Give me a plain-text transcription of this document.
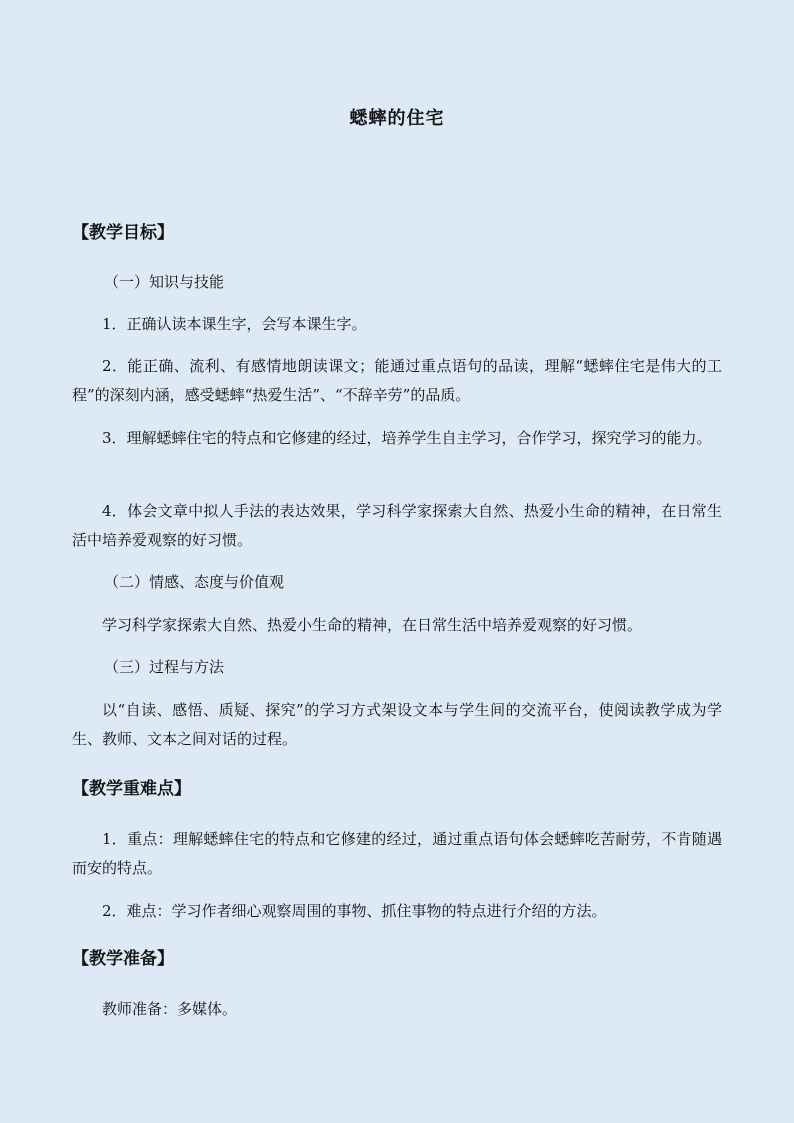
蟋蟀的住宅
【教学目标】
（一）知识与技能
1．正确认读本课生字，会写本课生字。
2．能正确、流利、有感情地朗读课文；能通过重点语句的品读，理解“蟋蟀住宅是伟大的工程”的深刻内涵，感受蟋蟀“热爱生活”、“不辞辛劳”的品质。
3．理解蟋蟀住宅的特点和它修建的经过，培养学生自主学习，合作学习，探究学习的能力。
4．体会文章中拟人手法的表达效果，学习科学家探索大自然、热爱小生命的精神，在日常生活中培养爱观察的好习惯。
（二）情感、态度与价值观
学习科学家探索大自然、热爱小生命的精神，在日常生活中培养爱观察的好习惯。
（三）过程与方法
以“自读、感悟、质疑、探究”的学习方式架设文本与学生间的交流平台，使阅读教学成为学生、教师、文本之间对话的过程。
【教学重难点】
1．重点：理解蟋蟀住宅的特点和它修建的经过，通过重点语句体会蟋蟀吃苦耐劳，不肯随遇而安的特点。
2．难点：学习作者细心观察周围的事物、抓住事物的特点进行介绍的方法。
【教学准备】
教师准备：多媒体。
